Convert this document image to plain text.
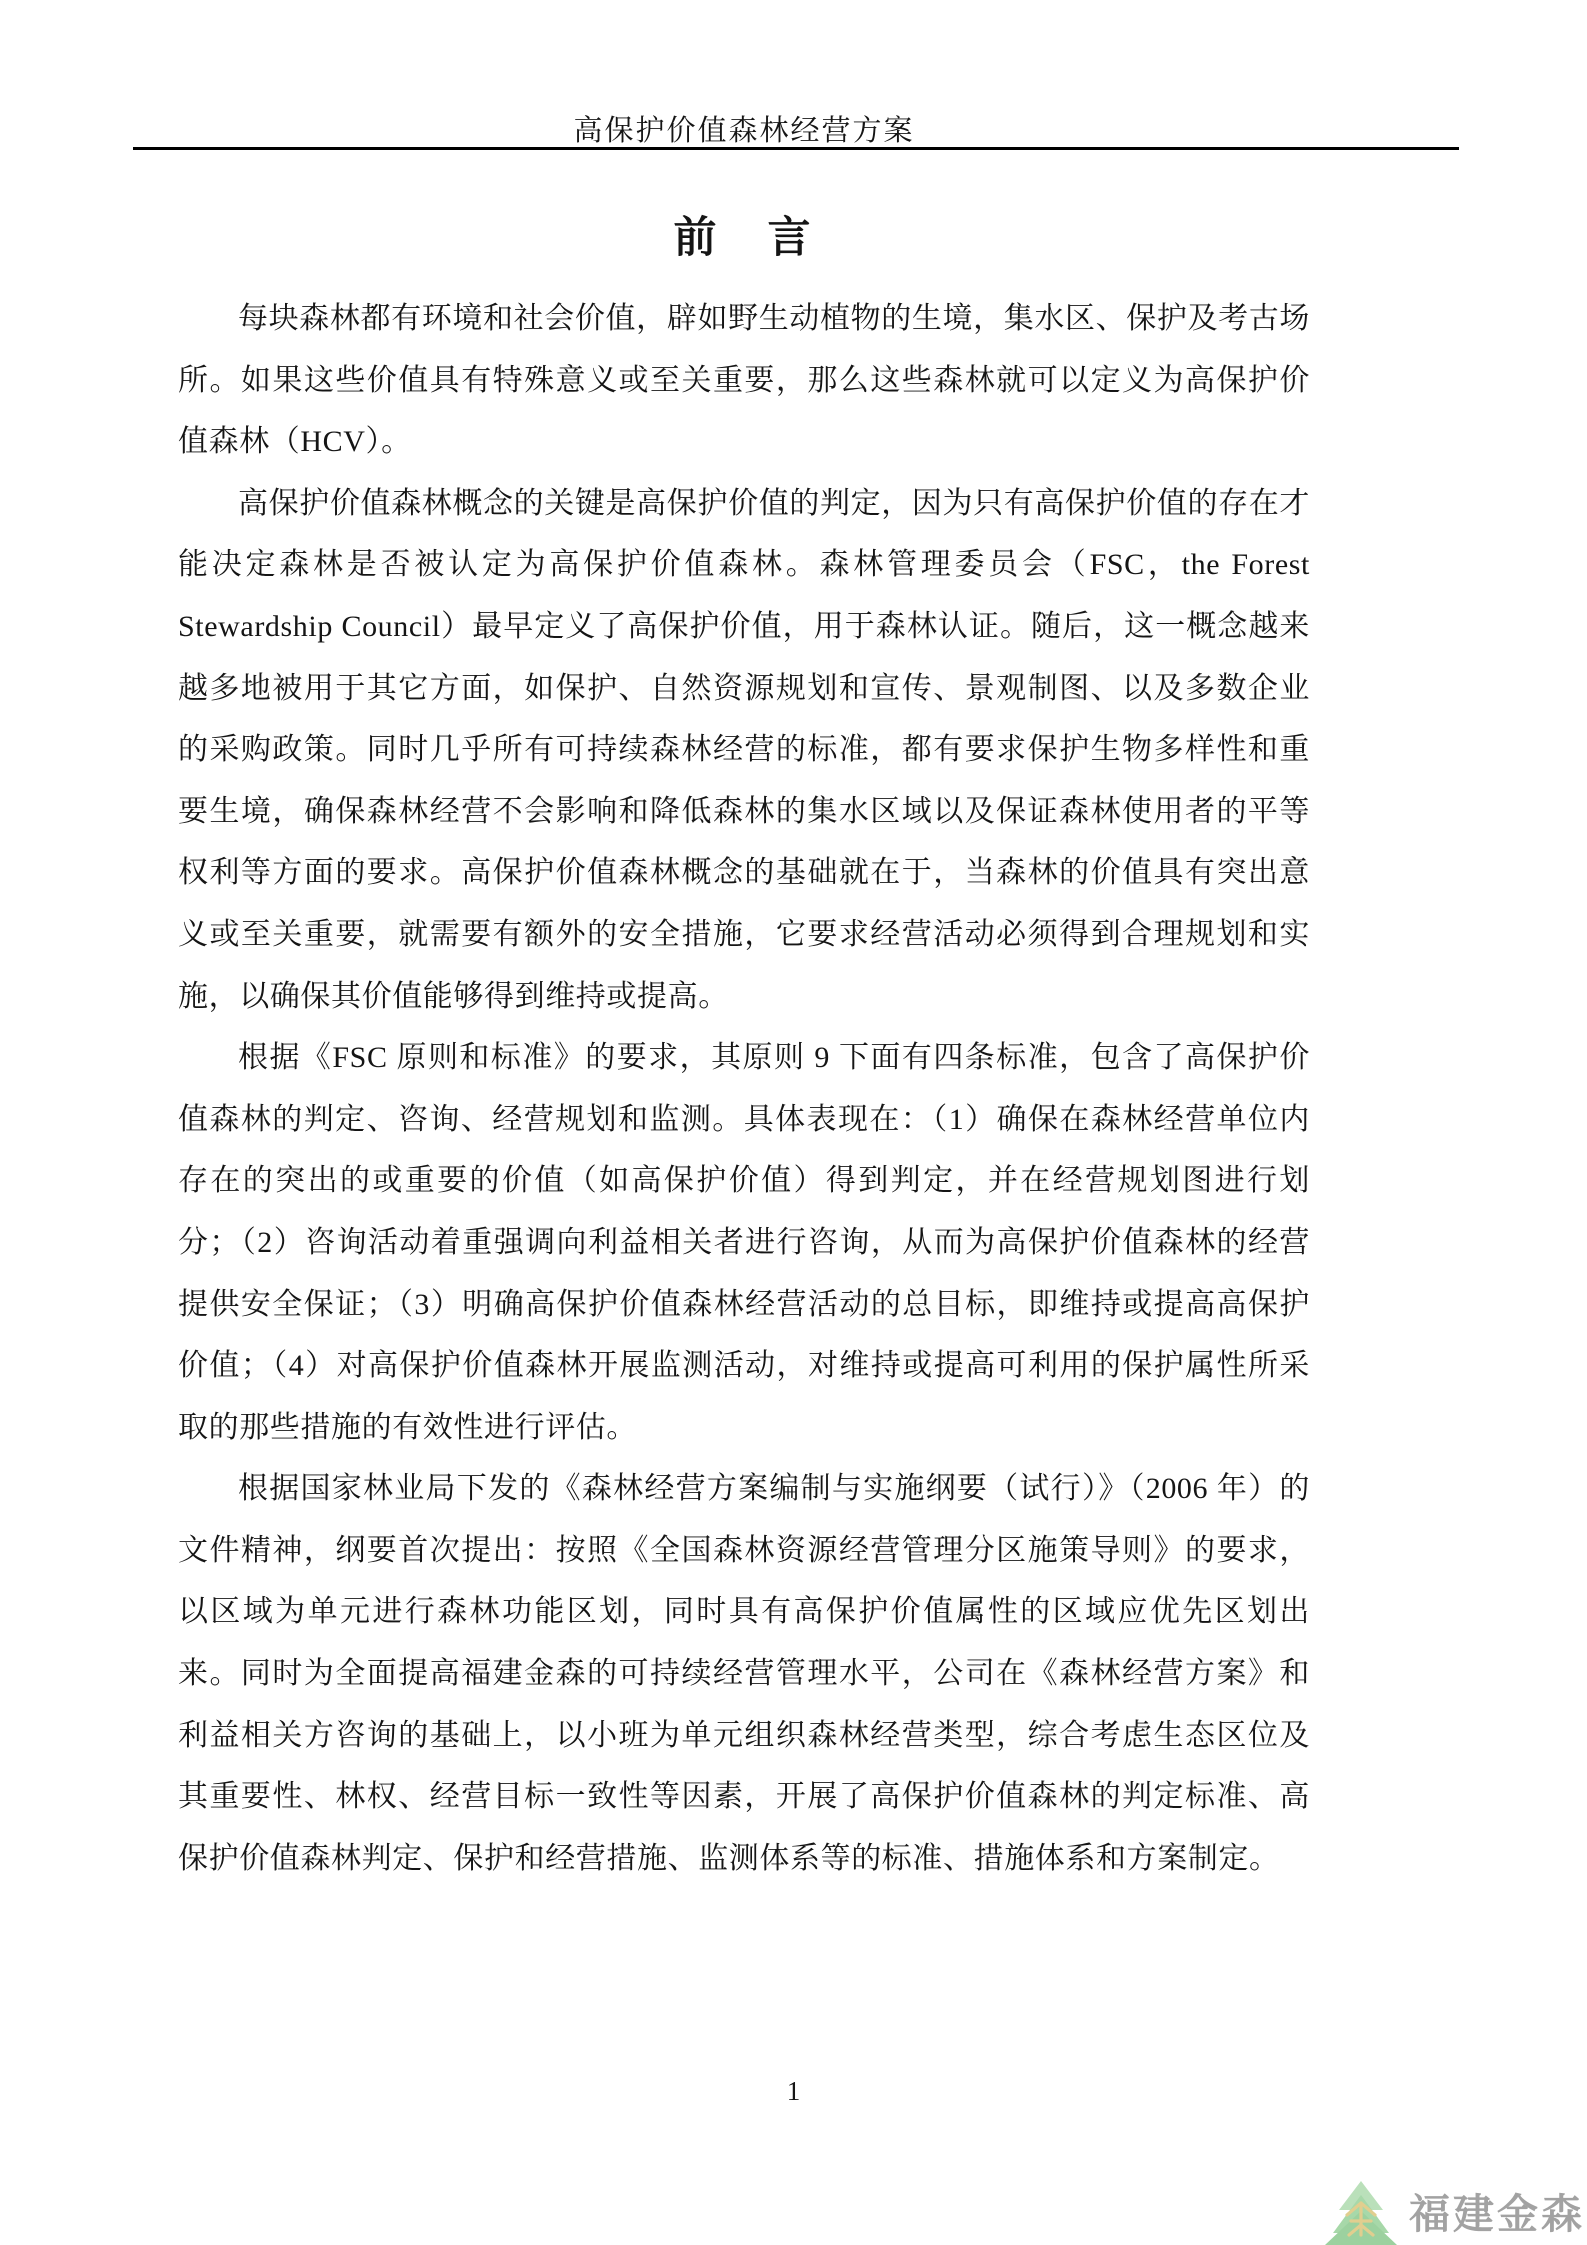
高保护价值森林经营方案
前　言

每块森林都有环境和社会价值，辟如野生动植物的生境，集水区、保护及考古场所。如果这些价值具有特殊意义或至关重要，那么这些森林就可以定义为高保护价值森林（HCV）。

高保护价值森林概念的关键是高保护价值的判定，因为只有高保护价值的存在才能决定森林是否被认定为高保护价值森林。森林管理委员会（FSC，the Forest Stewardship Council）最早定义了高保护价值，用于森林认证。随后，这一概念越来越多地被用于其它方面，如保护、自然资源规划和宣传、景观制图、以及多数企业的采购政策。同时几乎所有可持续森林经营的标准，都有要求保护生物多样性和重要生境，确保森林经营不会影响和降低森林的集水区域以及保证森林使用者的平等权利等方面的要求。高保护价值森林概念的基础就在于，当森林的价值具有突出意义或至关重要，就需要有额外的安全措施，它要求经营活动必须得到合理规划和实施，以确保其价值能够得到维持或提高。

根据《FSC 原则和标准》的要求，其原则 9 下面有四条标准，包含了高保护价值森林的判定、咨询、经营规划和监测。具体表现在：（1）确保在森林经营单位内存在的突出的或重要的价值（如高保护价值）得到判定，并在经营规划图进行划分；（2）咨询活动着重强调向利益相关者进行咨询，从而为高保护价值森林的经营提供安全保证；（3）明确高保护价值森林经营活动的总目标，即维持或提高高保护价值；（4）对高保护价值森林开展监测活动，对维持或提高可利用的保护属性所采取的那些措施的有效性进行评估。

根据国家林业局下发的《森林经营方案编制与实施纲要（试行）》（2006 年）的文件精神，纲要首次提出：按照《全国森林资源经营管理分区施策导则》的要求，以区域为单元进行森林功能区划，同时具有高保护价值属性的区域应优先区划出来。同时为全面提高福建金森的可持续经营管理水平，公司在《森林经营方案》和利益相关方咨询的基础上，以小班为单元组织森林经营类型，综合考虑生态区位及其重要性、林权、经营目标一致性等因素，开展了高保护价值森林的判定标准、高保护价值森林判定、保护和经营措施、监测体系等的标准、措施体系和方案制定。

1
福建金森
